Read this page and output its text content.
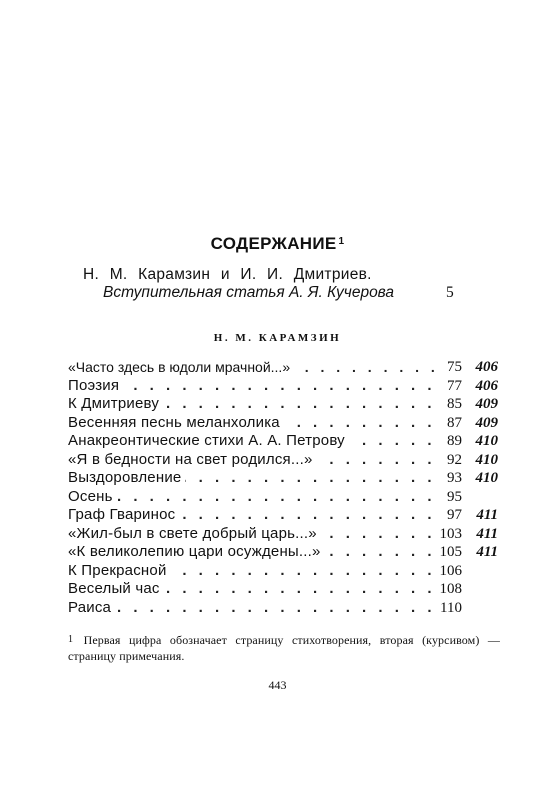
СОДЕРЖАНИЕ $^1$
Н. М. Карамзин и И. И. Дмитриев.
Вступительная статья А. Я. Кучерова	5
Н. М. КАРАМЗИН
«Часто здесь в юдоли мрачной...» . . .	75 406
Поэзия . . .	77 406
К Дмитриеву . . .	85 409
Весенняя песнь меланхолика . . .	87 409
Анакреонтические стихи А. А. Петрову . . .	89 410
«Я в бедности на свет родился...» . . .	92 410
Выздоровление . . .	93 410
Осень . . .	95
Граф Гваринос . . .	97 411
«Жил-был в свете добрый царь...» . . .	103 411
«К великолепию цари осуждены...» . . .	105 411
К Прекрасной . . .	106
Веселый час . . .	108
Раиса . . .	110
1 Первая цифра обозначает страницу стихотворения, вторая (курсивом) — страницу примечания.
443
